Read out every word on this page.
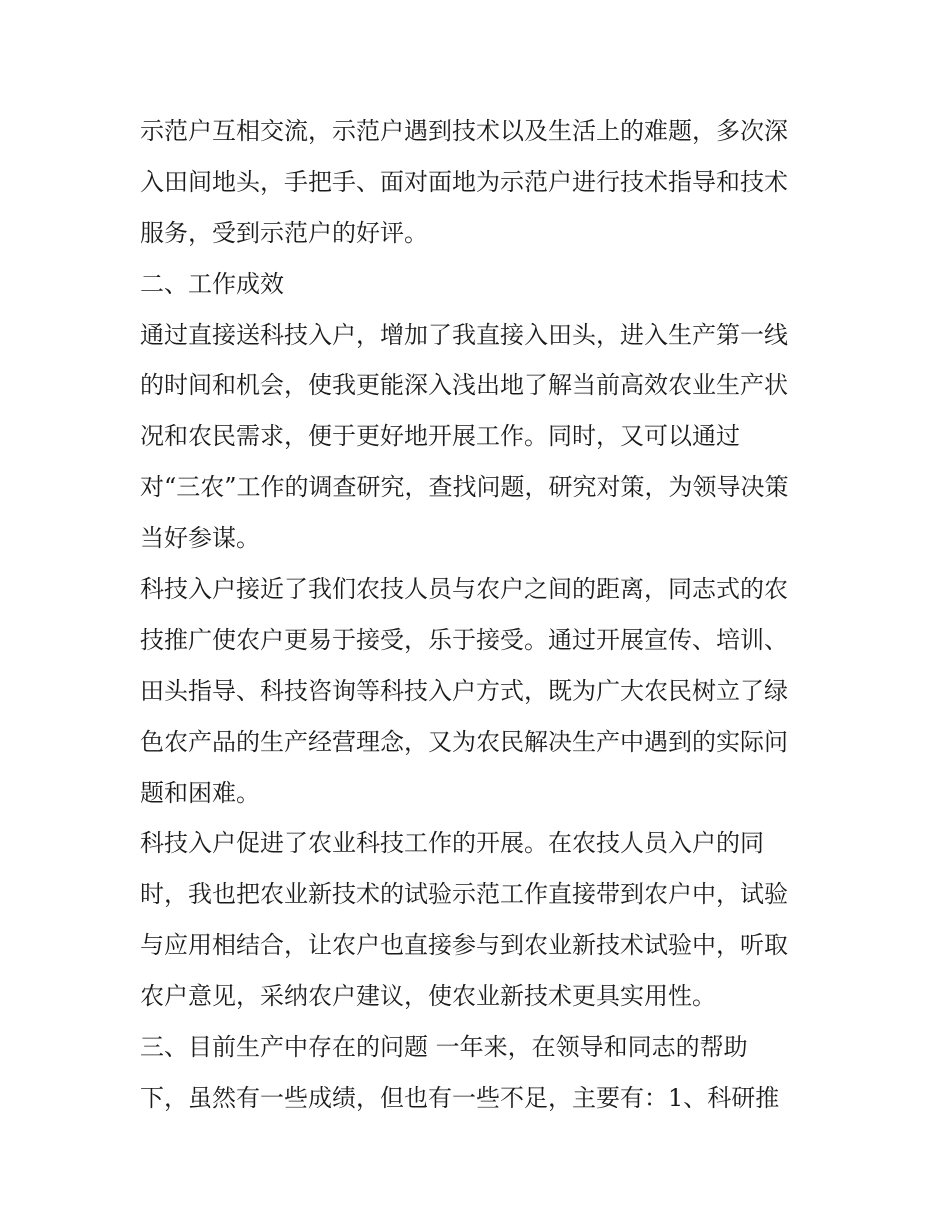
示范户互相交流，示范户遇到技术以及生活上的难题，多次深
入田间地头，手把手、面对面地为示范户进行技术指导和技术
服务，受到示范户的好评。
二、工作成效
通过直接送科技入户，增加了我直接入田头，进入生产第一线
的时间和机会，使我更能深入浅出地了解当前高效农业生产状
况和农民需求，便于更好地开展工作。同时，又可以通过
对“三农”工作的调查研究，查找问题，研究对策，为领导决策
当好参谋。
科技入户接近了我们农技人员与农户之间的距离，同志式的农
技推广使农户更易于接受，乐于接受。通过开展宣传、培训、
田头指导、科技咨询等科技入户方式，既为广大农民树立了绿
色农产品的生产经营理念，又为农民解决生产中遇到的实际问
题和困难。
科技入户促进了农业科技工作的开展。在农技人员入户的同
时，我也把农业新技术的试验示范工作直接带到农户中，试验
与应用相结合，让农户也直接参与到农业新技术试验中，听取
农户意见，采纳农户建议，使农业新技术更具实用性。
三、目前生产中存在的问题 一年来，在领导和同志的帮助
下，虽然有一些成绩，但也有一些不足，主要有：1、科研推
